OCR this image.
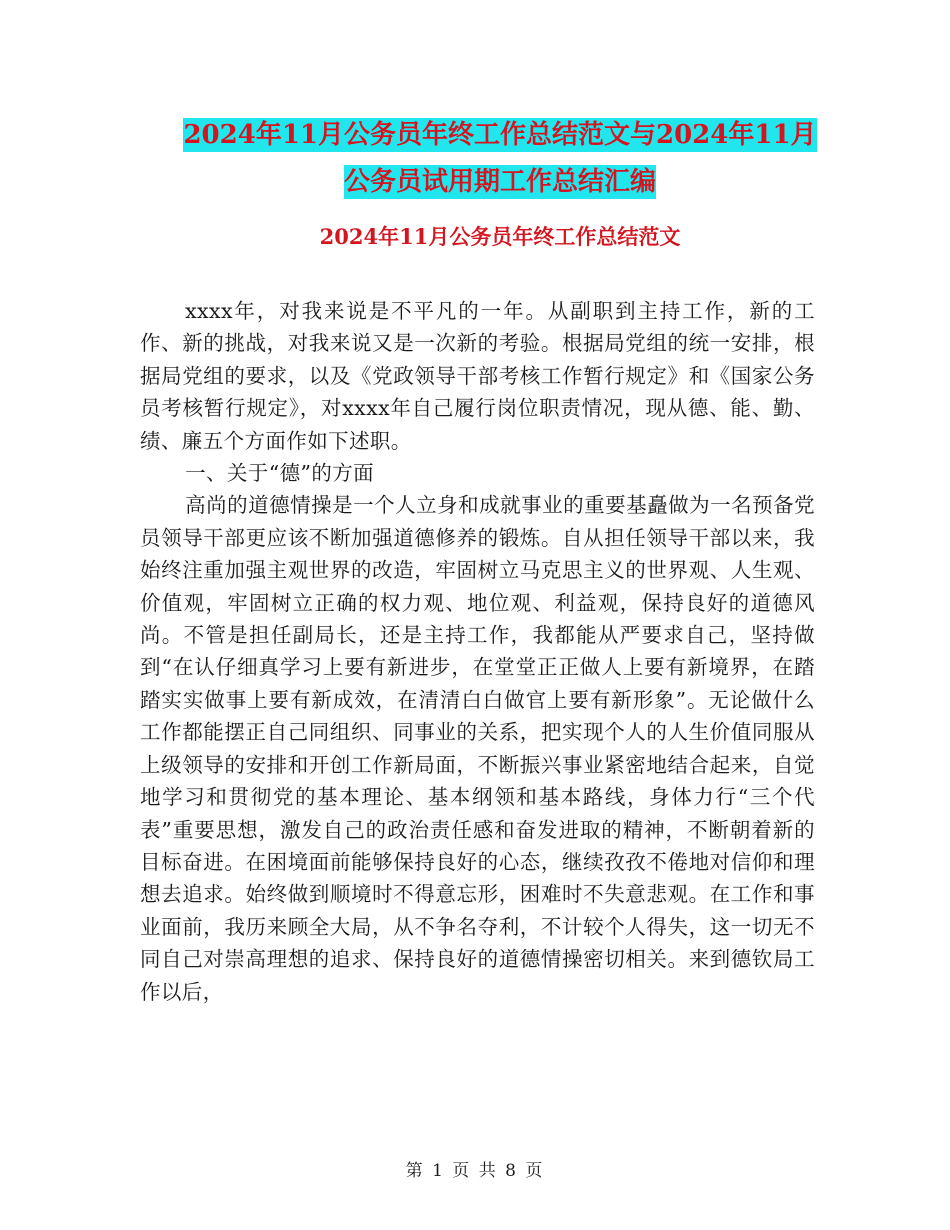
2024年11月公务员年终工作总结范文与2024年11月
公务员试用期工作总结汇编
2024年11月公务员年终工作总结范文

xxxx年，对我来说是不平凡的一年。从副职到主持工作，新的工作、新的挑战，对我来说又是一次新的考验。根据局党组的统一安排，根据局党组的要求，以及《党政领导干部考核工作暂行规定》和《国家公务员考核暂行规定》，对xxxx年自己履行岗位职责情况，现从德、能、勤、绩、廉五个方面作如下述职。

一、关于“德”的方面

高尚的道德情操是一个人立身和成就事业的重要基矗做为一名预备党员领导干部更应该不断加强道德修养的锻炼。自从担任领导干部以来，我始终注重加强主观世界的改造，牢固树立马克思主义的世界观、人生观、价值观，牢固树立正确的权力观、地位观、利益观，保持良好的道德风尚。不管是担任副局长，还是主持工作，我都能从严要求自己，坚持做到“在认仔细真学习上要有新进步，在堂堂正正做人上要有新境界，在踏踏实实做事上要有新成效，在清清白白做官上要有新形象”。无论做什么工作都能摆正自己同组织、同事业的关系，把实现个人的人生价值同服从上级领导的安排和开创工作新局面，不断振兴事业紧密地结合起来，自觉地学习和贯彻党的基本理论、基本纲领和基本路线，身体力行“三个代表”重要思想，激发自己的政治责任感和奋发进取的精神，不断朝着新的目标奋进。在困境面前能够保持良好的心态，继续孜孜不倦地对信仰和理想去追求。始终做到顺境时不得意忘形，困难时不失意悲观。在工作和事业面前，我历来顾全大局，从不争名夺利，不计较个人得失，这一切无不同自己对崇高理想的追求、保持良好的道德情操密切相关。来到德钦局工作以后，

第 1 页 共 8 页
